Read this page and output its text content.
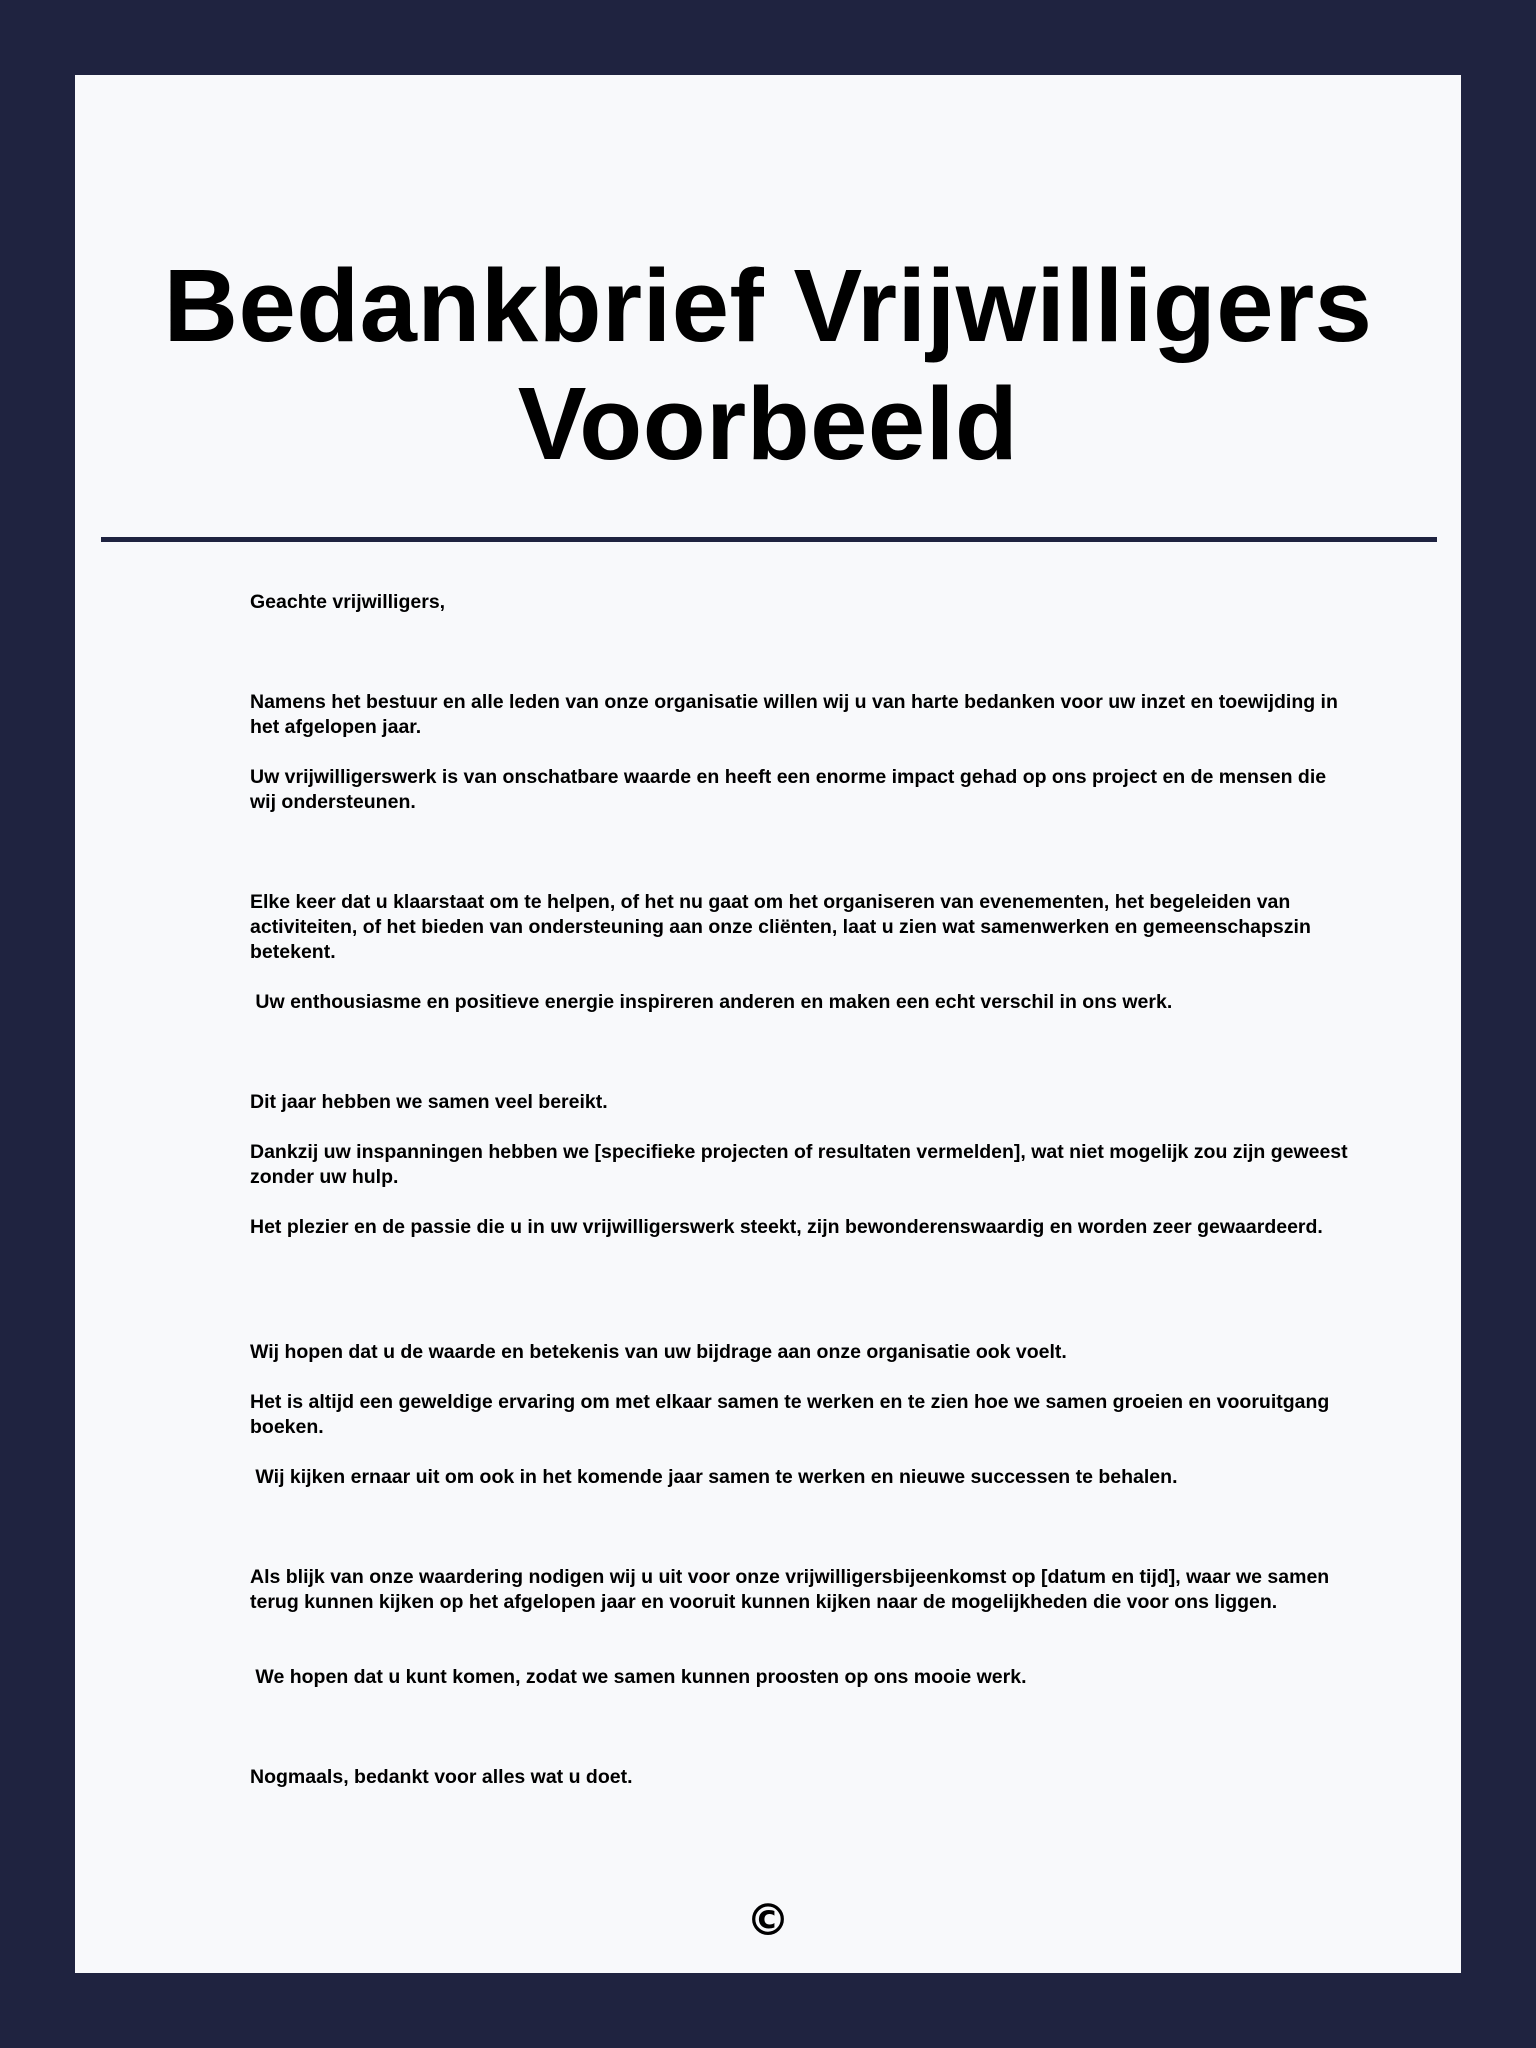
Bedankbrief Vrijwilligers Voorbeeld

Geachte vrijwilligers,

Namens het bestuur en alle leden van onze organisatie willen wij u van harte bedanken voor uw inzet en toewijding in het afgelopen jaar.

Uw vrijwilligerswerk is van onschatbare waarde en heeft een enorme impact gehad op ons project en de mensen die wij ondersteunen.

Elke keer dat u klaarstaat om te helpen, of het nu gaat om het organiseren van evenementen, het begeleiden van activiteiten, of het bieden van ondersteuning aan onze cliënten, laat u zien wat samenwerken en gemeenschapszin betekent.

Uw enthousiasme en positieve energie inspireren anderen en maken een echt verschil in ons werk.

Dit jaar hebben we samen veel bereikt.

Dankzij uw inspanningen hebben we [specifieke projecten of resultaten vermelden], wat niet mogelijk zou zijn geweest zonder uw hulp.

Het plezier en de passie die u in uw vrijwilligerswerk steekt, zijn bewonderenswaardig en worden zeer gewaardeerd.

Wij hopen dat u de waarde en betekenis van uw bijdrage aan onze organisatie ook voelt.

Het is altijd een geweldige ervaring om met elkaar samen te werken en te zien hoe we samen groeien en vooruitgang boeken.

Wij kijken ernaar uit om ook in het komende jaar samen te werken en nieuwe successen te behalen.

Als blijk van onze waardering nodigen wij u uit voor onze vrijwilligersbijeenkomst op [datum en tijd], waar we samen terug kunnen kijken op het afgelopen jaar en vooruit kunnen kijken naar de mogelijkheden die voor ons liggen.

We hopen dat u kunt komen, zodat we samen kunnen proosten op ons mooie werk.

Nogmaals, bedankt voor alles wat u doet.

©
